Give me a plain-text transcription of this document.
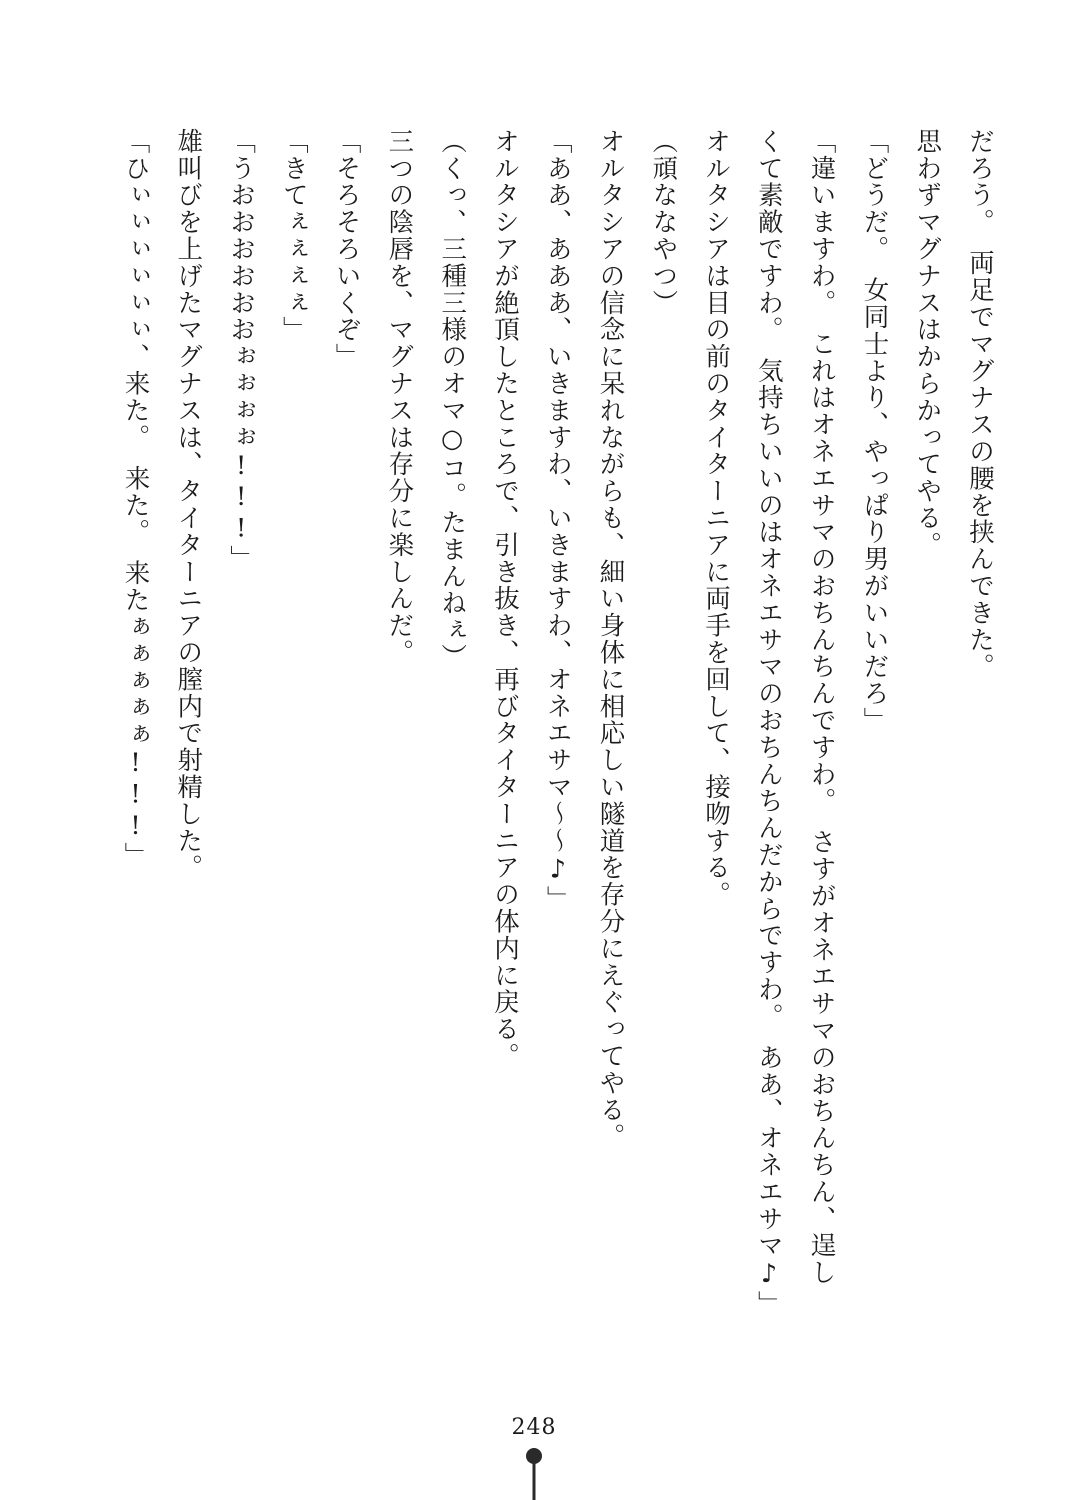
だろう。　両足でマグナスの腰を挟んできた。

思わずマグナスはからかってやる。

「どうだ。　女同士より、やっぱり男がいいだろ」

「違いますわ。　これはオネエサマのおちんちんですわ。　さすがオネエサマのおちんちん、逞しくて素敵ですわ。　気持ちいいのはオネエサマのおちんちんだからですわ。　ああ、オネエサマ♪」

オルタシアは目の前のタイターニアに両手を回して、接吻する。

（頑ななやつ）

オルタシアの信念に呆れながらも、細い身体に相応しい隧道を存分にえぐってやる。

「ああ、あああ、いきますわ、いきますわ、オネエサマ〜〜♪」

オルタシアが絶頂したところで、引き抜き、再びタイターニアの体内に戻る。

（くっ、三種三様のオマ○コ。たまんねぇ）

三つの陰唇を、マグナスは存分に楽しんだ。

「そろそろいくぞ」

「きてぇぇぇぇ」

「うおおおおおおぉぉぉぉ!!!」

雄叫びを上げたマグナスは、タイターニアの膣内で射精した。

「ひぃぃぃぃぃぃ、来た。　来た。　来たぁぁぁぁぁ!!!」

248
